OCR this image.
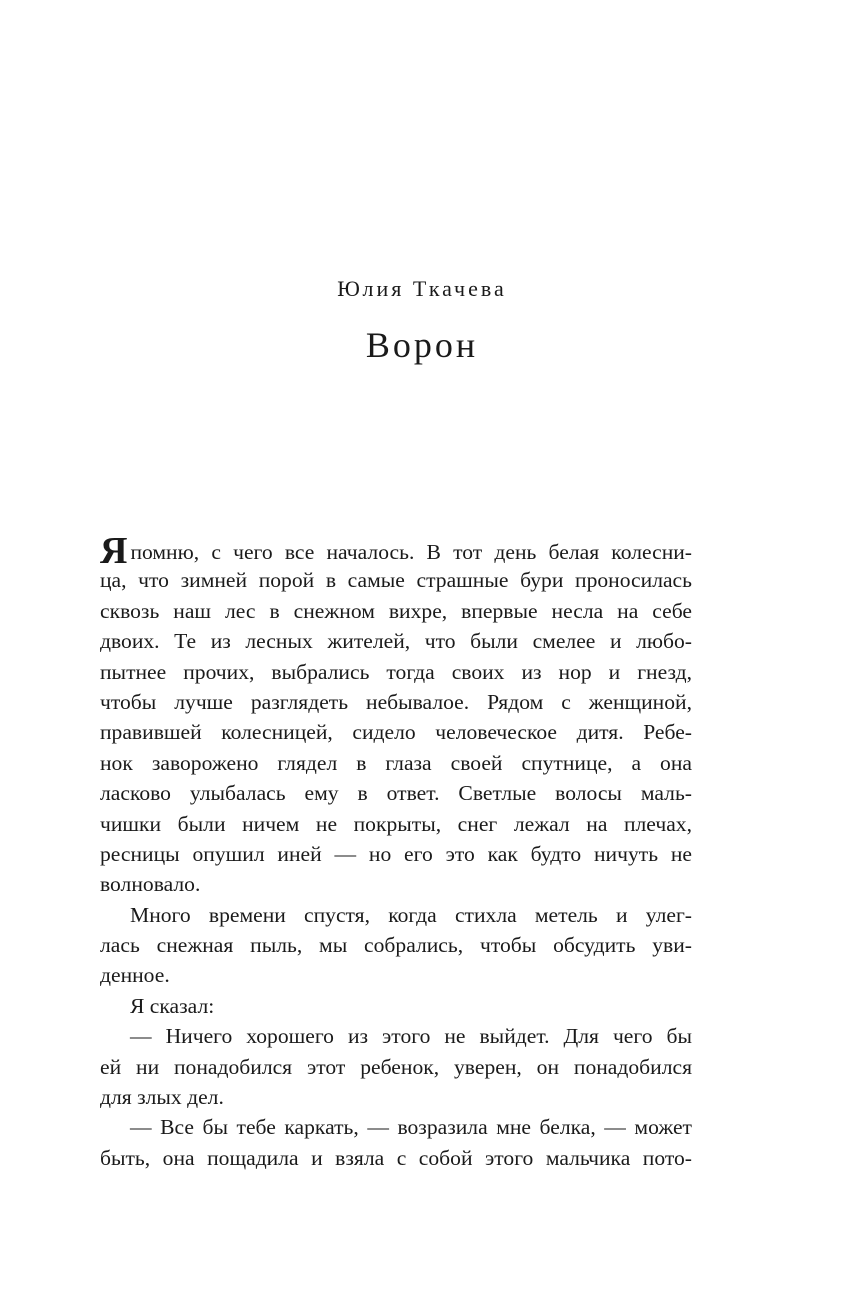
Юлия Ткачева
Ворон
Япомню, с чего все началось. В тот день белая колесни-
ца, что зимней порой в самые страшные бури проносилась
сквозь наш лес в снежном вихре, впервые несла на себе
двоих. Те из лесных жителей, что были смелее и любо-
пытнее прочих, выбрались тогда своих из нор и гнезд,
чтобы лучше разглядеть небывалое. Рядом с женщиной,
правившей колесницей, сидело человеческое дитя. Ребе-
нок заворожено глядел в глаза своей спутнице, а она
ласково улыбалась ему в ответ. Светлые волосы маль-
чишки были ничем не покрыты, снег лежал на плечах,
ресницы опушил иней — но его это как будто ничуть не
волновало.
Много времени спустя, когда стихла метель и улег-
лась снежная пыль, мы собрались, чтобы обсудить уви-
денное.
Я сказал:
— Ничего хорошего из этого не выйдет. Для чего бы
ей ни понадобился этот ребенок, уверен, он понадобился
для злых дел.
— Все бы тебе каркать, — возразила мне белка, — может
быть, она пощадила и взяла с собой этого мальчика пото-
